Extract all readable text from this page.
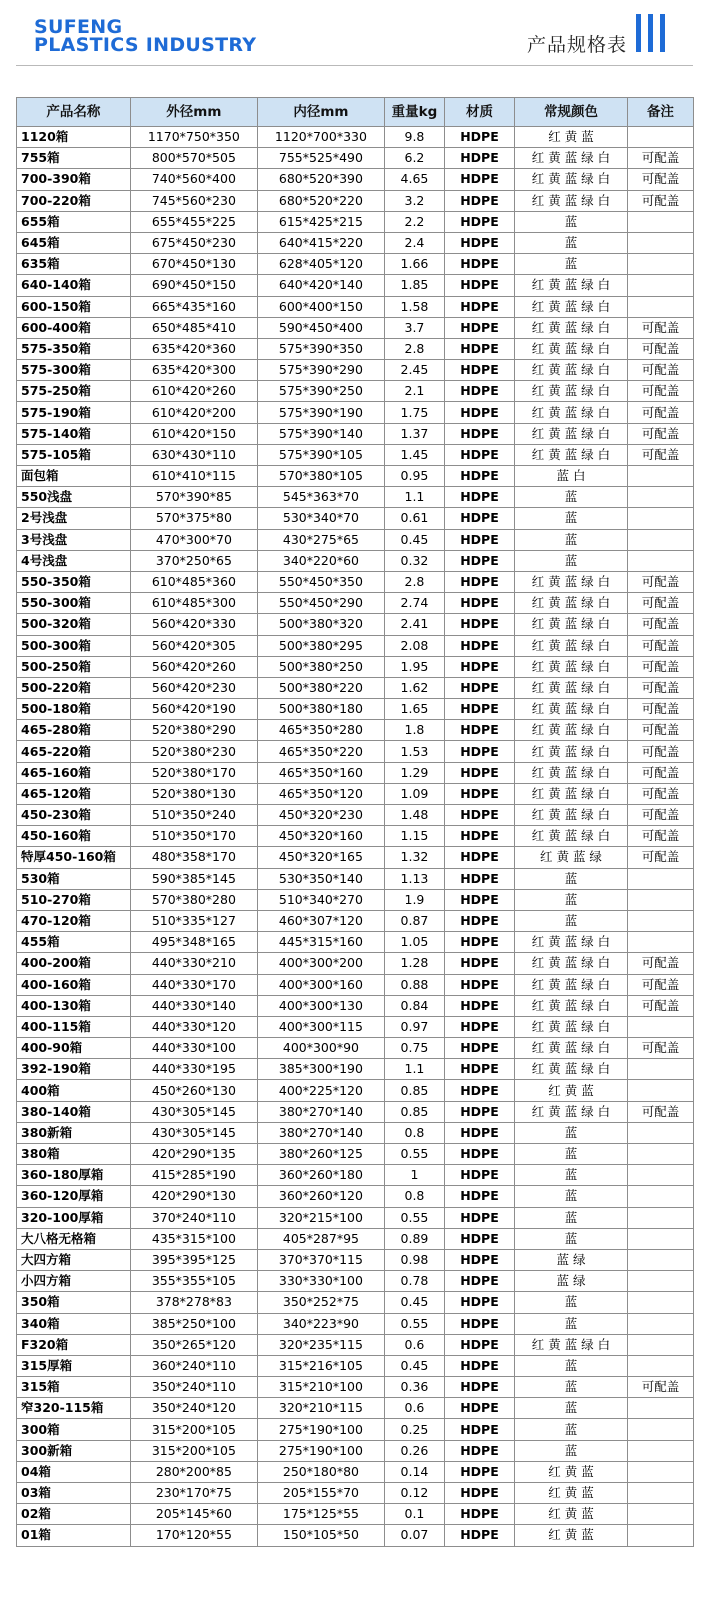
SUFENG
PLASTICS INDUSTRY	产品规格表
产品名称	外径mm	内径mm	重量kg	材质	常规颜色	备注
1120箱	1170*750*350	1120*700*330	9.8	HDPE	红 黄 蓝	
755箱	800*570*505	755*525*490	6.2	HDPE	红 黄 蓝 绿 白	可配盖
700-390箱	740*560*400	680*520*390	4.65	HDPE	红 黄 蓝 绿 白	可配盖
700-220箱	745*560*230	680*520*220	3.2	HDPE	红 黄 蓝 绿 白	可配盖
655箱	655*455*225	615*425*215	2.2	HDPE	蓝	
645箱	675*450*230	640*415*220	2.4	HDPE	蓝	
635箱	670*450*130	628*405*120	1.66	HDPE	蓝	
640-140箱	690*450*150	640*420*140	1.85	HDPE	红 黄 蓝 绿 白	
600-150箱	665*435*160	600*400*150	1.58	HDPE	红 黄 蓝 绿 白	
600-400箱	650*485*410	590*450*400	3.7	HDPE	红 黄 蓝 绿 白	可配盖
575-350箱	635*420*360	575*390*350	2.8	HDPE	红 黄 蓝 绿 白	可配盖
575-300箱	635*420*300	575*390*290	2.45	HDPE	红 黄 蓝 绿 白	可配盖
575-250箱	610*420*260	575*390*250	2.1	HDPE	红 黄 蓝 绿 白	可配盖
575-190箱	610*420*200	575*390*190	1.75	HDPE	红 黄 蓝 绿 白	可配盖
575-140箱	610*420*150	575*390*140	1.37	HDPE	红 黄 蓝 绿 白	可配盖
575-105箱	630*430*110	575*390*105	1.45	HDPE	红 黄 蓝 绿 白	可配盖
面包箱	610*410*115	570*380*105	0.95	HDPE	蓝 白	
550浅盘	570*390*85	545*363*70	1.1	HDPE	蓝	
2号浅盘	570*375*80	530*340*70	0.61	HDPE	蓝	
3号浅盘	470*300*70	430*275*65	0.45	HDPE	蓝	
4号浅盘	370*250*65	340*220*60	0.32	HDPE	蓝	
550-350箱	610*485*360	550*450*350	2.8	HDPE	红 黄 蓝 绿 白	可配盖
550-300箱	610*485*300	550*450*290	2.74	HDPE	红 黄 蓝 绿 白	可配盖
500-320箱	560*420*330	500*380*320	2.41	HDPE	红 黄 蓝 绿 白	可配盖
500-300箱	560*420*305	500*380*295	2.08	HDPE	红 黄 蓝 绿 白	可配盖
500-250箱	560*420*260	500*380*250	1.95	HDPE	红 黄 蓝 绿 白	可配盖
500-220箱	560*420*230	500*380*220	1.62	HDPE	红 黄 蓝 绿 白	可配盖
500-180箱	560*420*190	500*380*180	1.65	HDPE	红 黄 蓝 绿 白	可配盖
465-280箱	520*380*290	465*350*280	1.8	HDPE	红 黄 蓝 绿 白	可配盖
465-220箱	520*380*230	465*350*220	1.53	HDPE	红 黄 蓝 绿 白	可配盖
465-160箱	520*380*170	465*350*160	1.29	HDPE	红 黄 蓝 绿 白	可配盖
465-120箱	520*380*130	465*350*120	1.09	HDPE	红 黄 蓝 绿 白	可配盖
450-230箱	510*350*240	450*320*230	1.48	HDPE	红 黄 蓝 绿 白	可配盖
450-160箱	510*350*170	450*320*160	1.15	HDPE	红 黄 蓝 绿 白	可配盖
特厚450-160箱	480*358*170	450*320*165	1.32	HDPE	红 黄 蓝 绿	可配盖
530箱	590*385*145	530*350*140	1.13	HDPE	蓝	
510-270箱	570*380*280	510*340*270	1.9	HDPE	蓝	
470-120箱	510*335*127	460*307*120	0.87	HDPE	蓝	
455箱	495*348*165	445*315*160	1.05	HDPE	红 黄 蓝 绿 白	
400-200箱	440*330*210	400*300*200	1.28	HDPE	红 黄 蓝 绿 白	可配盖
400-160箱	440*330*170	400*300*160	0.88	HDPE	红 黄 蓝 绿 白	可配盖
400-130箱	440*330*140	400*300*130	0.84	HDPE	红 黄 蓝 绿 白	可配盖
400-115箱	440*330*120	400*300*115	0.97	HDPE	红 黄 蓝 绿 白	
400-90箱	440*330*100	400*300*90	0.75	HDPE	红 黄 蓝 绿 白	可配盖
392-190箱	440*330*195	385*300*190	1.1	HDPE	红 黄 蓝 绿 白	
400箱	450*260*130	400*225*120	0.85	HDPE	红 黄 蓝	
380-140箱	430*305*145	380*270*140	0.85	HDPE	红 黄 蓝 绿 白	可配盖
380新箱	430*305*145	380*270*140	0.8	HDPE	蓝	
380箱	420*290*135	380*260*125	0.55	HDPE	蓝	
360-180厚箱	415*285*190	360*260*180	1	HDPE	蓝	
360-120厚箱	420*290*130	360*260*120	0.8	HDPE	蓝	
320-100厚箱	370*240*110	320*215*100	0.55	HDPE	蓝	
大八格无格箱	435*315*100	405*287*95	0.89	HDPE	蓝	
大四方箱	395*395*125	370*370*115	0.98	HDPE	蓝 绿	
小四方箱	355*355*105	330*330*100	0.78	HDPE	蓝 绿	
350箱	378*278*83	350*252*75	0.45	HDPE	蓝	
340箱	385*250*100	340*223*90	0.55	HDPE	蓝	
F320箱	350*265*120	320*235*115	0.6	HDPE	红 黄 蓝 绿 白	
315厚箱	360*240*110	315*216*105	0.45	HDPE	蓝	
315箱	350*240*110	315*210*100	0.36	HDPE	蓝	可配盖
窄320-115箱	350*240*120	320*210*115	0.6	HDPE	蓝	
300箱	315*200*105	275*190*100	0.25	HDPE	蓝	
300新箱	315*200*105	275*190*100	0.26	HDPE	蓝	
04箱	280*200*85	250*180*80	0.14	HDPE	红 黄 蓝	
03箱	230*170*75	205*155*70	0.12	HDPE	红 黄 蓝	
02箱	205*145*60	175*125*55	0.1	HDPE	红 黄 蓝	
01箱	170*120*55	150*105*50	0.07	HDPE	红 黄 蓝	
